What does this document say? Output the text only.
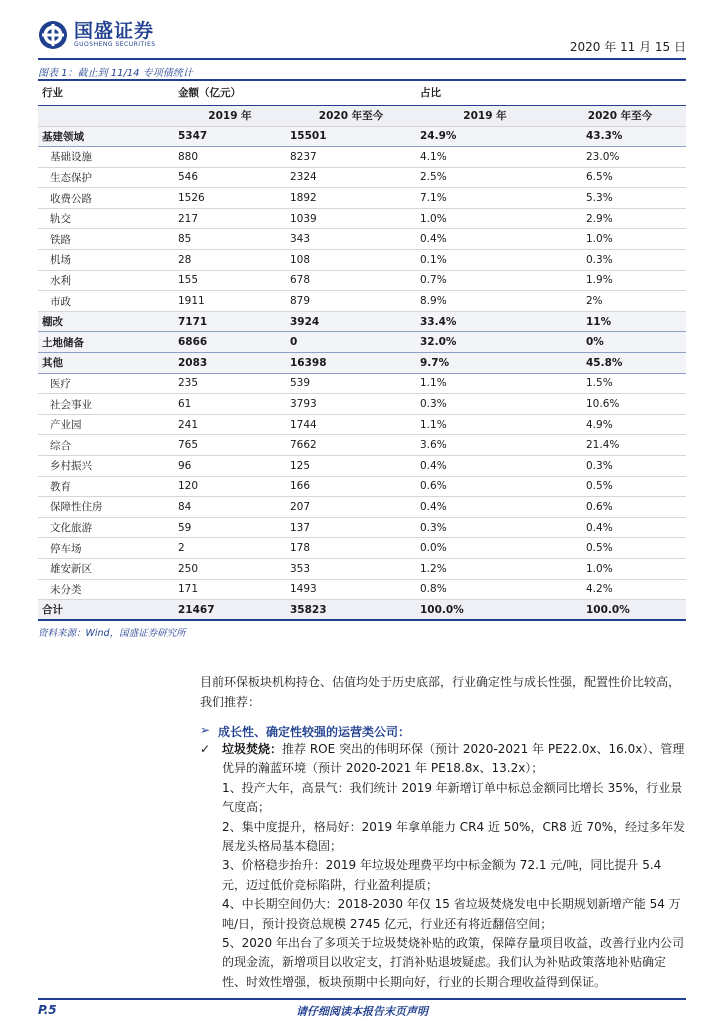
国盛证券
GUOSHENG SECURITIES	2020 年 11 月 15 日
图表 1：截止到 11/14 专项债统计
行业	金额（亿元）		占比	
	2019 年	2020 年至今	2019 年	2020 年至今
基建领域	5347	15501	24.9%	43.3%
基础设施	880	8237	4.1%	23.0%
生态保护	546	2324	2.5%	6.5%
收费公路	1526	1892	7.1%	5.3%
轨交	217	1039	1.0%	2.9%
铁路	85	343	0.4%	1.0%
机场	28	108	0.1%	0.3%
水利	155	678	0.7%	1.9%
市政	1911	879	8.9%	2%
棚改	7171	3924	33.4%	11%
土地储备	6866	0	32.0%	0%
其他	2083	16398	9.7%	45.8%
医疗	235	539	1.1%	1.5%
社会事业	61	3793	0.3%	10.6%
产业园	241	1744	1.1%	4.9%
综合	765	7662	3.6%	21.4%
乡村振兴	96	125	0.4%	0.3%
教育	120	166	0.6%	0.5%
保障性住房	84	207	0.4%	0.6%
文化旅游	59	137	0.3%	0.4%
停车场	2	178	0.0%	0.5%
雄安新区	250	353	1.2%	1.0%
未分类	171	1493	0.8%	4.2%
合计	21467	35823	100.0%	100.0%
资料来源：Wind，国盛证券研究所
目前环保板块机构持仓、估值均处于历史底部，行业确定性与成长性强，配置性价比较高，我们推荐：
➢ 成长性、确定性较强的运营类公司：
✓ 垃圾焚烧：推荐 ROE 突出的伟明环保（预计 2020-2021 年 PE22.0x、16.0x）、管理优异的瀚蓝环境（预计 2020-2021 年 PE18.8x、13.2x）；
1、投产大年，高景气：我们统计 2019 年新增订单中标总金额同比增长 35%，行业景气度高；
2、集中度提升，格局好：2019 年拿单能力 CR4 近 50%，CR8 近 70%，经过多年发展龙头格局基本稳固；
3、价格稳步抬升：2019 年垃圾处理费平均中标金额为 72.1 元/吨，同比提升 5.4 元，迈过低价竞标陷阱，行业盈利提质；
4、中长期空间仍大：2018-2030 年仅 15 省垃圾焚烧发电中长期规划新增产能 54 万吨/日，预计投资总规模 2745 亿元，行业还有将近翻倍空间；
5、2020 年出台了多项关于垃圾焚烧补贴的政策，保障存量项目收益，改善行业内公司的现金流，新增项目以收定支，打消补贴退坡疑虑。我们认为补贴政策落地补贴确定性、时效性增强，板块预期中长期向好，行业的长期合理收益得到保证。
P.5	请仔细阅读本报告末页声明
